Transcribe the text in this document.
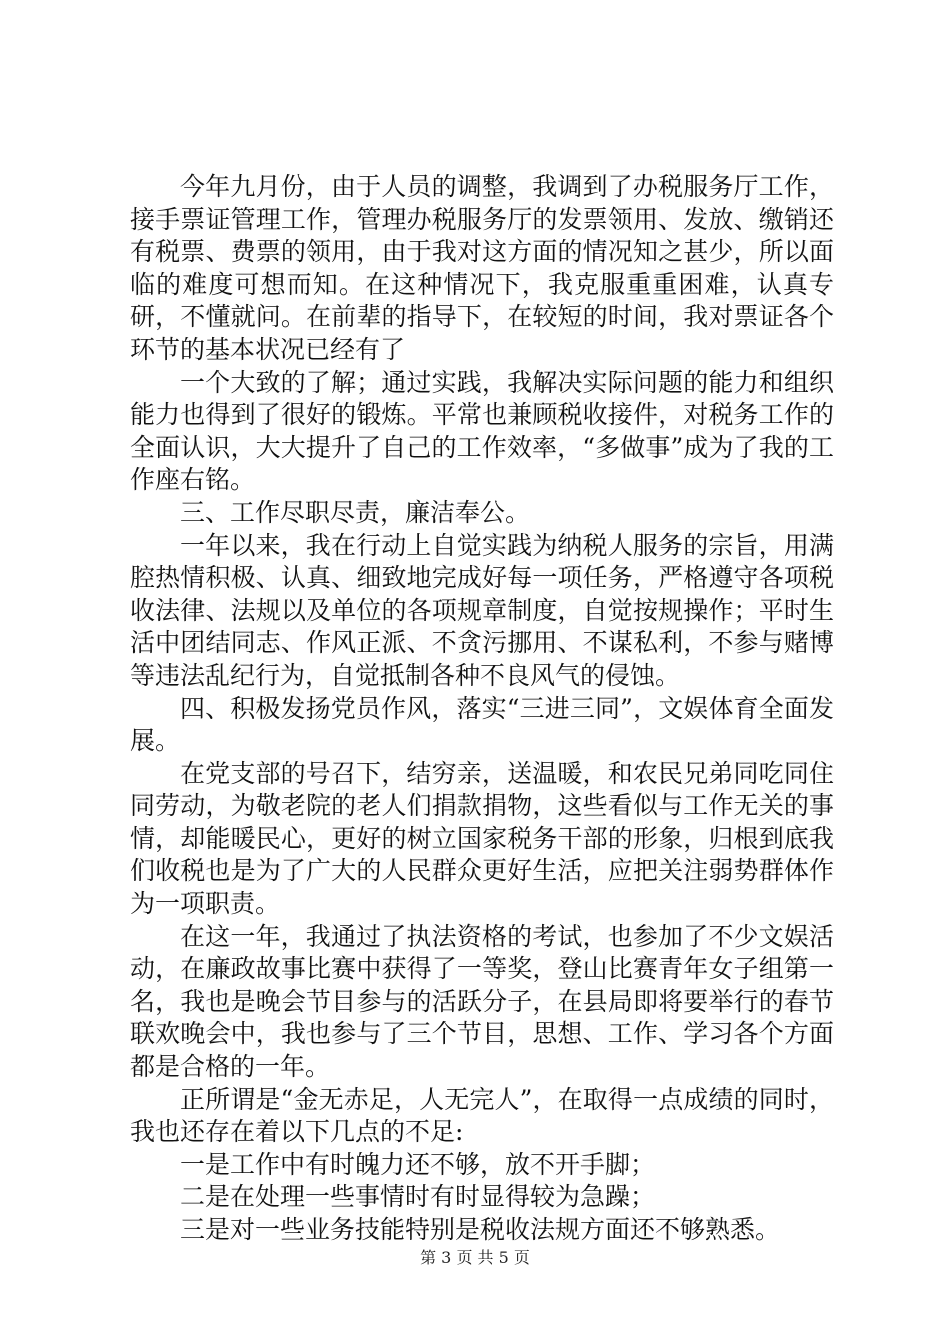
今年九月份，由于人员的调整，我调到了办税服务厅工作，接手票证管理工作，管理办税服务厅的发票领用、发放、缴销还有税票、费票的领用，由于我对这方面的情况知之甚少，所以面临的难度可想而知。在这种情况下，我克服重重困难，认真专研，不懂就问。在前辈的指导下，在较短的时间，我对票证各个环节的基本状况已经有了

一个大致的了解；通过实践，我解决实际问题的能力和组织能力也得到了很好的锻炼。平常也兼顾税收接件，对税务工作的全面认识，大大提升了自己的工作效率，“多做事”成为了我的工作座右铭。

三、工作尽职尽责，廉洁奉公。

一年以来，我在行动上自觉实践为纳税人服务的宗旨，用满腔热情积极、认真、细致地完成好每一项任务，严格遵守各项税收法律、法规以及单位的各项规章制度，自觉按规操作；平时生活中团结同志、作风正派、不贪污挪用、不谋私利，不参与赌博等违法乱纪行为，自觉抵制各种不良风气的侵蚀。

四、积极发扬党员作风，落实“三进三同”，文娱体育全面发展。

在党支部的号召下，结穷亲，送温暖，和农民兄弟同吃同住同劳动，为敬老院的老人们捐款捐物，这些看似与工作无关的事情，却能暖民心，更好的树立国家税务干部的形象，归根到底我们收税也是为了广大的人民群众更好生活，应把关注弱势群体作为一项职责。

在这一年，我通过了执法资格的考试，也参加了不少文娱活动，在廉政故事比赛中获得了一等奖，登山比赛青年女子组第一名，我也是晚会节目参与的活跃分子，在县局即将要举行的春节联欢晚会中，我也参与了三个节目，思想、工作、学习各个方面都是合格的一年。

正所谓是“金无赤足，人无完人”，在取得一点成绩的同时，我也还存在着以下几点的不足:

一是工作中有时魄力还不够，放不开手脚；

二是在处理一些事情时有时显得较为急躁；

三是对一些业务技能特别是税收法规方面还不够熟悉。

第 3 页 共 5 页
